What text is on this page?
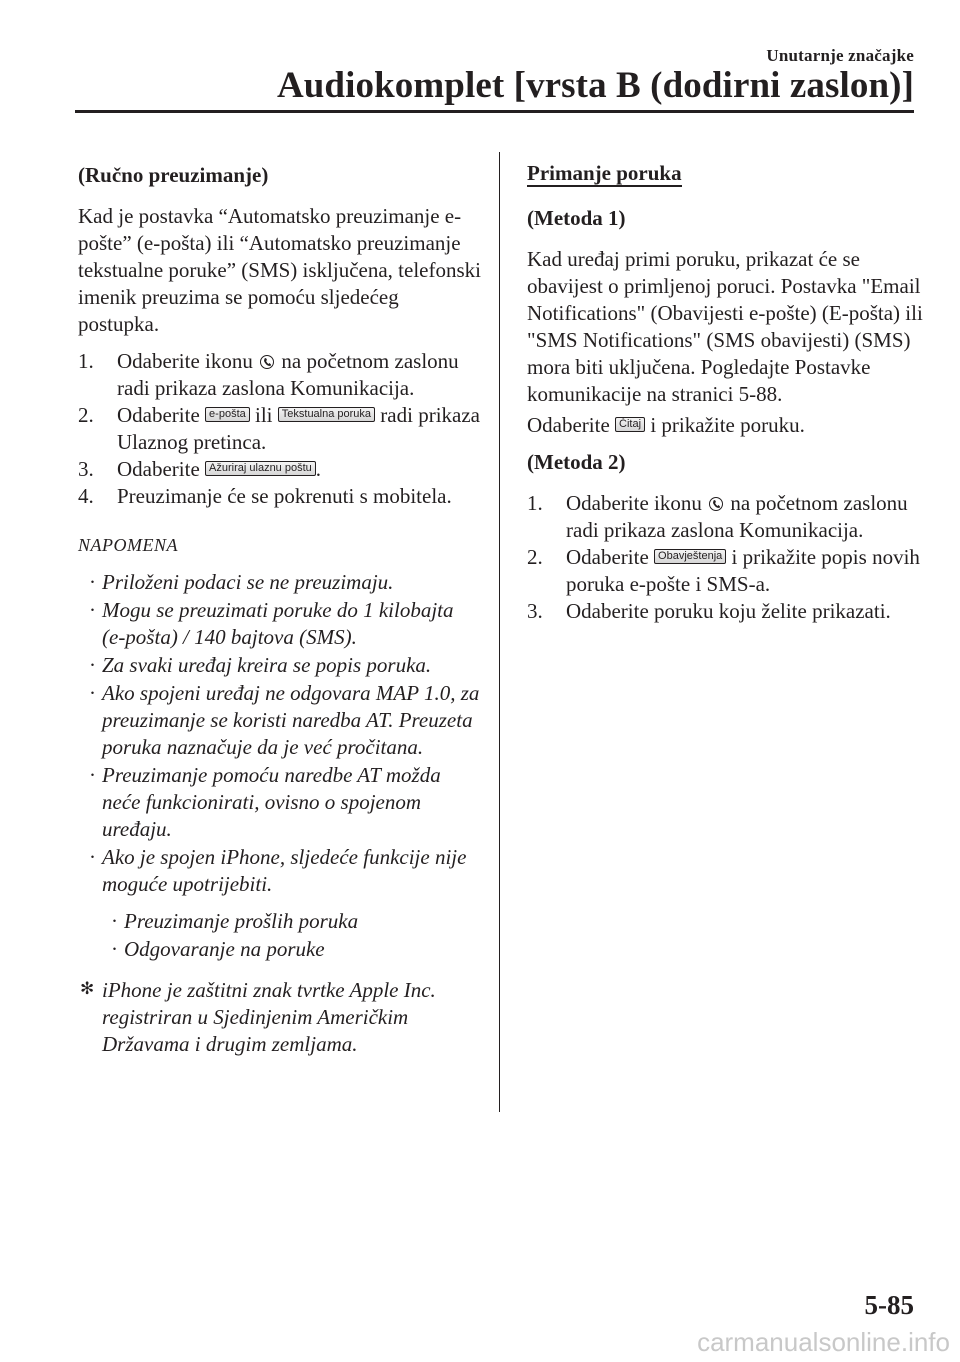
Unutarnje značajke
Audiokomplet [vrsta B (dodirni zaslon)]
(Ručno preuzimanje)

Kad je postavka “Automatsko preuzimanje e-pošte” (e-pošta) ili “Automatsko preuzimanje tekstualne poruke” (SMS) isključena, telefonski imenik preuzima se pomoću sljedećeg postupka.

1. Odaberite ikonu na početnom zaslonu radi prikaza zaslona Komunikacija.
2. Odaberite e-pošta ili Tekstualna poruka radi prikaza Ulaznog pretinca.
3. Odaberite Ažuriraj ulaznu poštu .
4. Preuzimanje će se pokrenuti s mobitela.
NAPOMENA
· Priloženi podaci se ne preuzimaju.
· Mogu se preuzimati poruke do 1 kilobajta (e-pošta) / 140 bajtova (SMS).
· Za svaki uređaj kreira se popis poruka.
· Ako spojeni uređaj ne odgovara MAP 1.0, za preuzimanje se koristi naredba AT. Preuzeta poruka naznačuje da je već pročitana.
· Preuzimanje pomoću naredbe AT možda neće funkcionirati, ovisno o spojenom uređaju.
· Ako je spojen iPhone, sljedeće funkcije nije moguće upotrijebiti.
· Preuzimanje prošlih poruka
· Odgovaranje na poruke
✻ iPhone je zaštitni znak tvrtke Apple Inc. registriran u Sjedinjenim Američkim Državama i drugim zemljama.
Primanje poruka
(Metoda 1)

Kad uređaj primi poruku, prikazat će se obavijest o primljenoj poruci. Postavka "Email Notifications" (Obavijesti e-pošte) (E-pošta) ili "SMS Notifications" (SMS obavijesti) (SMS) mora biti uključena. Pogledajte Postavke komunikacije na stranici 5-88.

Odaberite Čitaj i prikažite poruku.

(Metoda 2)
1. Odaberite ikonu na početnom zaslonu radi prikaza zaslona Komunikacija.
2. Odaberite Obavještenja i prikažite popis novih poruka e-pošte i SMS-a.
3. Odaberite poruku koju želite prikazati.
5-85
carmanualsonline.info
